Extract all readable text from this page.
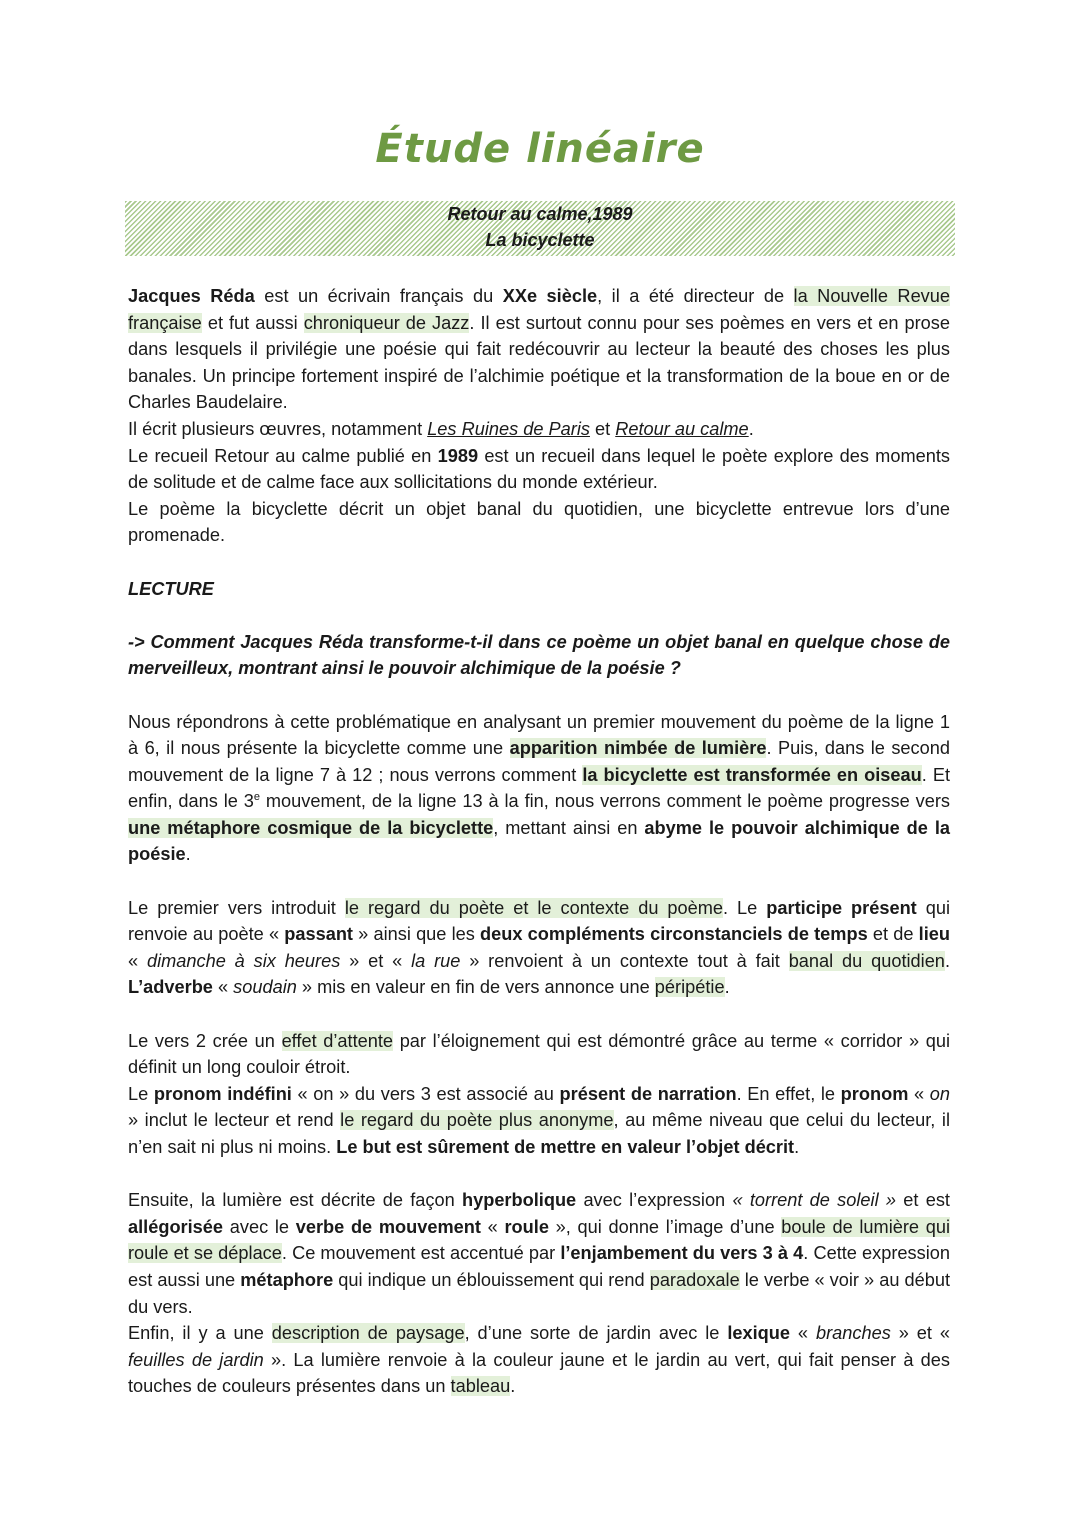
Étude linéaire
Retour au calme,1989
La bicyclette

Jacques Réda est un écrivain français du XXe siècle, il a été directeur de la Nouvelle Revue française et fut aussi chroniqueur de Jazz. Il est surtout connu pour ses poèmes en vers et en prose dans lesquels il privilégie une poésie qui fait redécouvrir au lecteur la beauté des choses les plus banales. Un principe fortement inspiré de l’alchimie poétique et la transformation de la boue en or de Charles Baudelaire.

Il écrit plusieurs œuvres, notamment Les Ruines de Paris et Retour au calme.

Le recueil Retour au calme publié en 1989 est un recueil dans lequel le poète explore des moments de solitude et de calme face aux sollicitations du monde extérieur.

Le poème la bicyclette décrit un objet banal du quotidien, une bicyclette entrevue lors d’une promenade.

LECTURE

-> Comment Jacques Réda transforme-t-il dans ce poème un objet banal en quelque chose de merveilleux, montrant ainsi le pouvoir alchimique de la poésie ?

Nous répondrons à cette problématique en analysant un premier mouvement du poème de la ligne 1 à 6, il nous présente la bicyclette comme une apparition nimbée de lumière. Puis, dans le second mouvement de la ligne 7 à 12 ; nous verrons comment la bicyclette est transformée en oiseau. Et enfin, dans le 3e mouvement, de la ligne 13 à la fin, nous verrons comment le poème progresse vers une métaphore cosmique de la bicyclette, mettant ainsi en abyme le pouvoir alchimique de la poésie.

Le premier vers introduit le regard du poète et le contexte du poème. Le participe présent qui renvoie au poète « passant » ainsi que les deux compléments circonstanciels de temps et de lieu « dimanche à six heures » et « la rue » renvoient à un contexte tout à fait banal du quotidien. L’adverbe « soudain » mis en valeur en fin de vers annonce une péripétie.

Le vers 2 crée un effet d’attente par l’éloignement qui est démontré grâce au terme « corridor » qui définit un long couloir étroit.

Le pronom indéfini « on » du vers 3 est associé au présent de narration. En effet, le pronom « on » inclut le lecteur et rend le regard du poète plus anonyme, au même niveau que celui du lecteur, il n’en sait ni plus ni moins. Le but est sûrement de mettre en valeur l’objet décrit.

Ensuite, la lumière est décrite de façon hyperbolique avec l’expression « torrent de soleil » et est allégorisée avec le verbe de mouvement « roule », qui donne l’image d’une boule de lumière qui roule et se déplace. Ce mouvement est accentué par l’enjambement du vers 3 à 4. Cette expression est aussi une métaphore qui indique un éblouissement qui rend paradoxale le verbe « voir » au début du vers.

Enfin, il y a une description de paysage, d’une sorte de jardin avec le lexique « branches » et « feuilles de jardin ». La lumière renvoie à la couleur jaune et le jardin au vert, qui fait penser à des touches de couleurs présentes dans un tableau.
